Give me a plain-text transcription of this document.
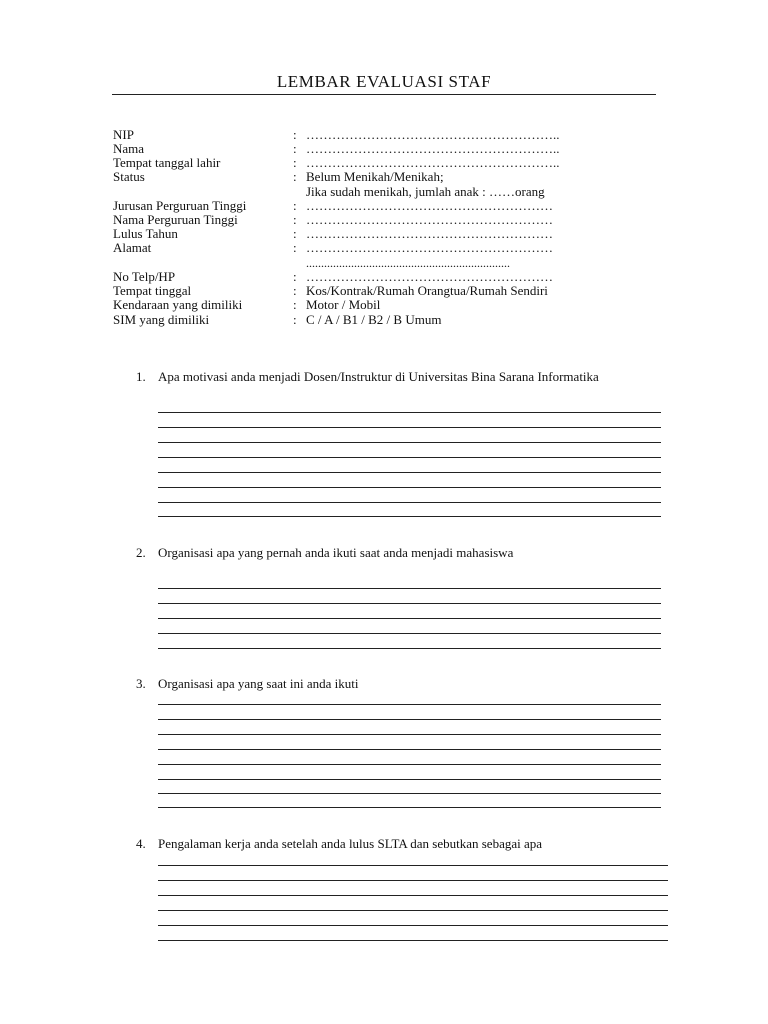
LEMBAR EVALUASI STAF
NIP	: …………………………………………………..
Nama	: …………………………………………………..
Tempat tanggal lahir	: …………………………………………………..
Status	: Belum Menikah/Menikah;
Jika sudah menikah, jumlah anak : ……orang
Jurusan Perguruan Tinggi	: …………………………………………………
Nama Perguruan Tinggi	: …………………………………………………
Lulus Tahun	: …………………………………………………
Alamat	: …………………………………………………
....................................................................
No Telp/HP	: …………………………………………………
Tempat tinggal	: Kos/Kontrak/Rumah Orangtua/Rumah Sendiri
Kendaraan yang dimiliki	: Motor / Mobil
SIM yang dimiliki	: C / A / B1 / B2 / B Umum
1. Apa motivasi anda menjadi Dosen/Instruktur di Universitas Bina Sarana Informatika
2. Organisasi apa yang pernah anda ikuti saat anda menjadi mahasiswa
3. Organisasi apa yang saat ini anda ikuti
4. Pengalaman kerja anda setelah anda lulus SLTA dan sebutkan sebagai apa
